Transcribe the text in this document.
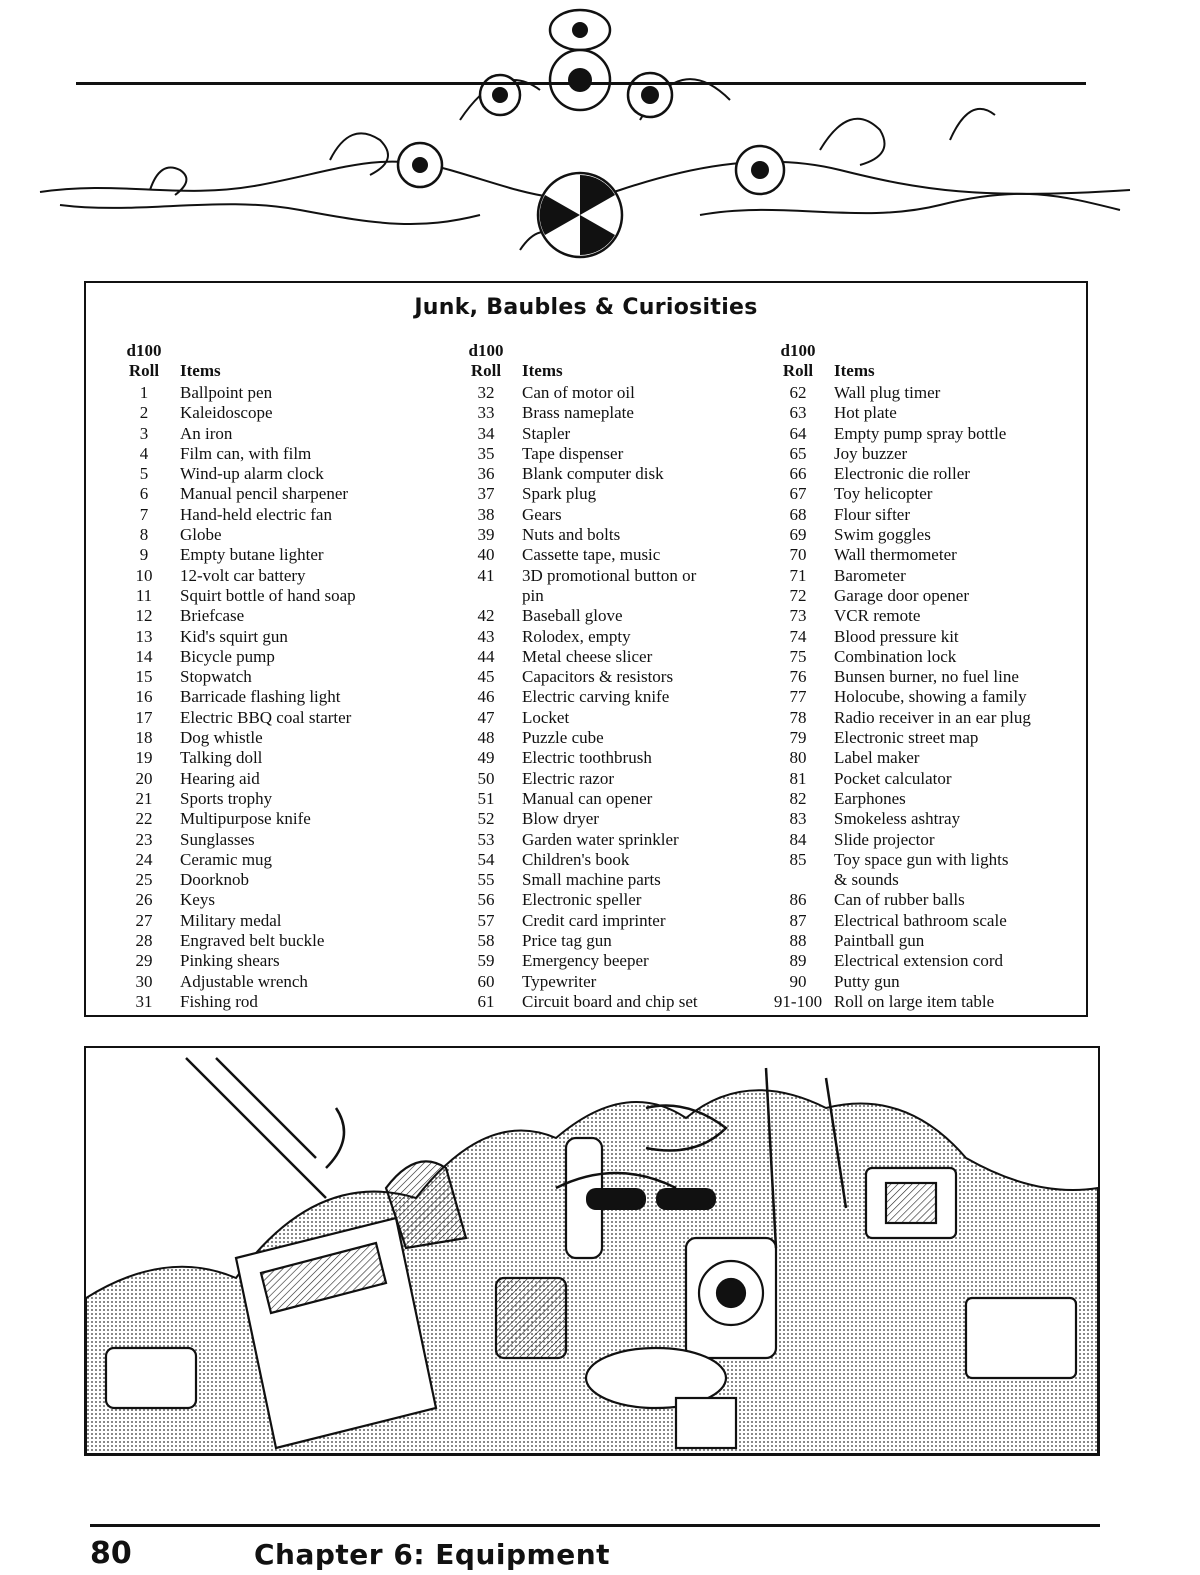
Junk, Baubles & Curiosities
d100
Roll	Items
1	Ballpoint pen
2	Kaleidoscope
3	An iron
4	Film can, with film
5	Wind-up alarm clock
6	Manual pencil sharpener
7	Hand-held electric fan
8	Globe
9	Empty butane lighter
10	12-volt car battery
11	Squirt bottle of hand soap
12	Briefcase
13	Kid's squirt gun
14	Bicycle pump
15	Stopwatch
16	Barricade flashing light
17	Electric BBQ coal starter
18	Dog whistle
19	Talking doll
20	Hearing aid
21	Sports trophy
22	Multipurpose knife
23	Sunglasses
24	Ceramic mug
25	Doorknob
26	Keys
27	Military medal
28	Engraved belt buckle
29	Pinking shears
30	Adjustable wrench
31	Fishing rod
d100
Roll	Items
32	Can of motor oil
33	Brass nameplate
34	Stapler
35	Tape dispenser
36	Blank computer disk
37	Spark plug
38	Gears
39	Nuts and bolts
40	Cassette tape, music
41	3D promotional button or
pin
42	Baseball glove
43	Rolodex, empty
44	Metal cheese slicer
45	Capacitors & resistors
46	Electric carving knife
47	Locket
48	Puzzle cube
49	Electric toothbrush
50	Electric razor
51	Manual can opener
52	Blow dryer
53	Garden water sprinkler
54	Children's book
55	Small machine parts
56	Electronic speller
57	Credit card imprinter
58	Price tag gun
59	Emergency beeper
60	Typewriter
61	Circuit board and chip set
d100
Roll	Items
62	Wall plug timer
63	Hot plate
64	Empty pump spray bottle
65	Joy buzzer
66	Electronic die roller
67	Toy helicopter
68	Flour sifter
69	Swim goggles
70	Wall thermometer
71	Barometer
72	Garage door opener
73	VCR remote
74	Blood pressure kit
75	Combination lock
76	Bunsen burner, no fuel line
77	Holocube, showing a family
78	Radio receiver in an ear plug
79	Electronic street map
80	Label maker
81	Pocket calculator
82	Earphones
83	Smokeless ashtray
84	Slide projector
85	Toy space gun with lights
& sounds
86	Can of rubber balls
87	Electrical bathroom scale
88	Paintball gun
89	Electrical extension cord
90	Putty gun
91-100 Roll on large item table
80	Chapter 6: Equipment
